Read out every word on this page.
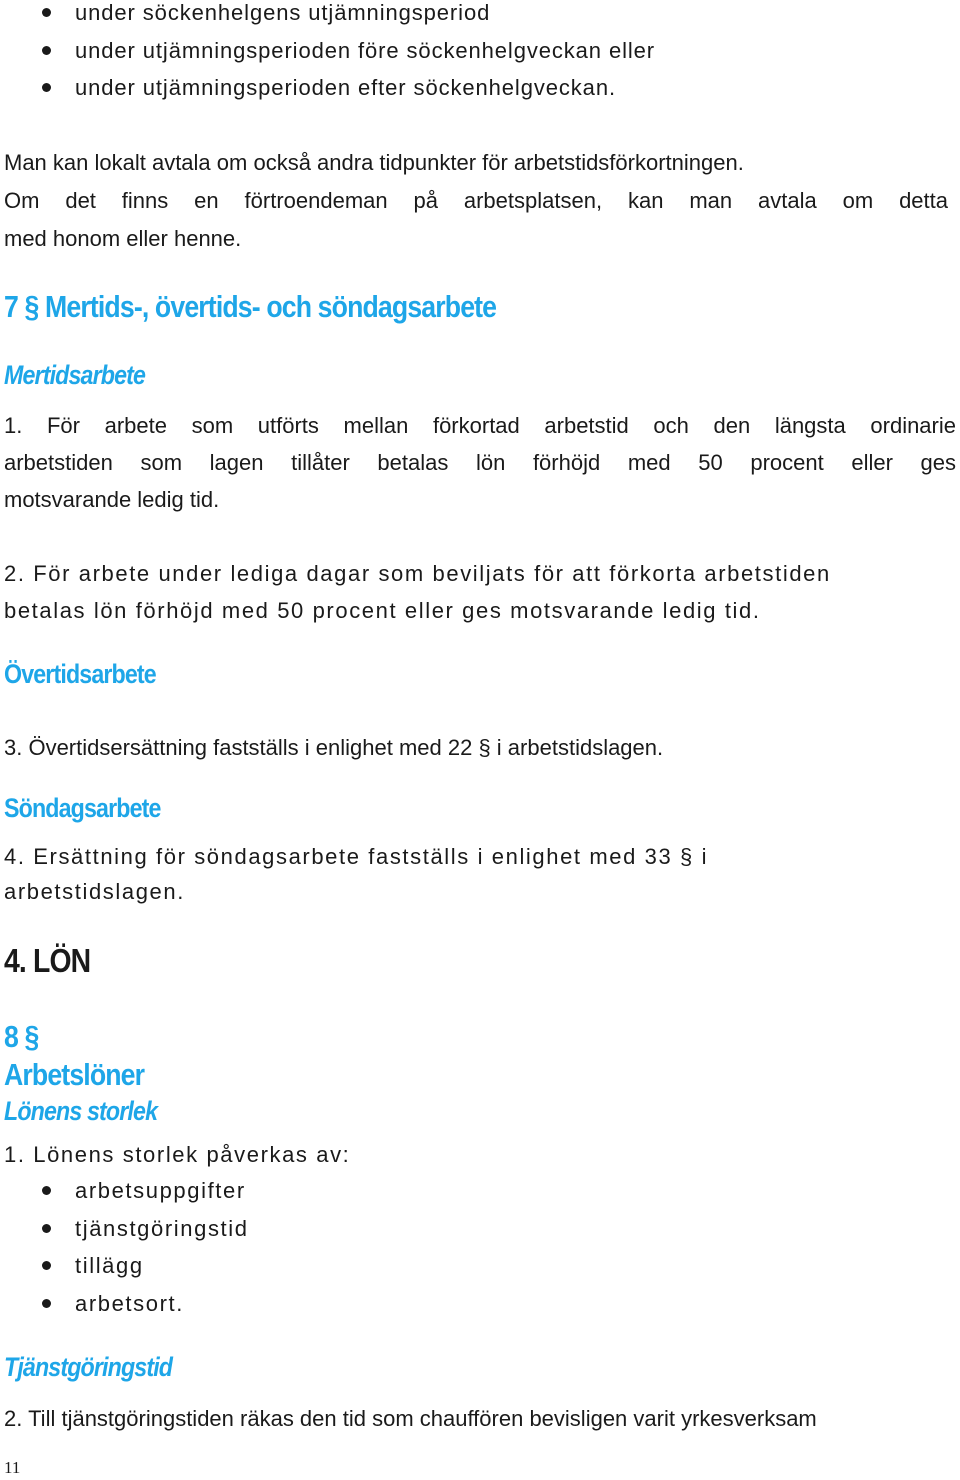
under söckenhelgens utjämningsperiod
under utjämningsperioden före söckenhelgveckan eller
under utjämningsperioden efter söckenhelgveckan.
Man kan lokalt avtala om också andra tidpunkter för arbetstidsförkortningen.
Om det finns en förtroendeman på arbetsplatsen, kan man avtala om detta
med honom eller henne.
7 § Mertids-, övertids- och söndagsarbete
Mertidsarbete
1. För arbete som utförts mellan förkortad arbetstid och den längsta ordinarie
arbetstiden som lagen tillåter betalas lön förhöjd med 50 procent eller ges
motsvarande ledig tid.
2. För arbete under lediga dagar som beviljats för att förkorta arbetstiden
betalas lön förhöjd med 50 procent eller ges motsvarande ledig tid.
Övertidsarbete
3. Övertidsersättning fastställs i enlighet med 22 § i arbetstidslagen.
Söndagsarbete
4. Ersättning för söndagsarbete fastställs i enlighet med 33 § i
arbetstidslagen.
4. LÖN
8 §
Arbetslöner
Lönens storlek
1. Lönens storlek påverkas av:
arbetsuppgifter
tjänstgöringstid
tillägg
arbetsort.
Tjänstgöringstid
2. Till tjänstgöringstiden räkas den tid som chauffören bevisligen varit yrkesverksam
11
